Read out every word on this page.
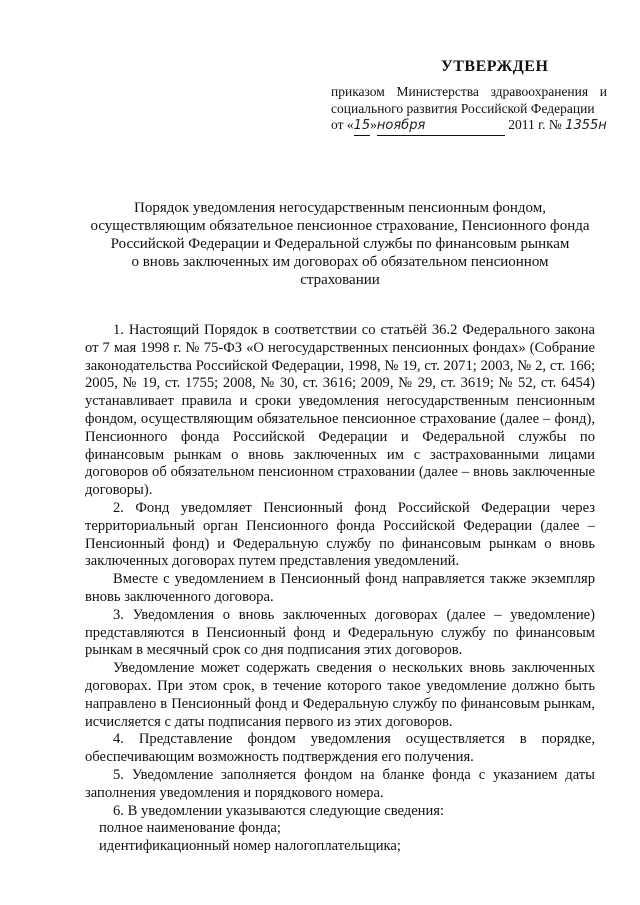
УТВЕРЖДЕН

приказом Министерства здравоохранения и социального развития Российской Федерации

от «15»ноября	2011 г. № 1355н

Порядок уведомления негосударственным пенсионным фондом,

осуществляющим обязательное пенсионное страхование, Пенсионного фонда

Российской Федерации и Федеральной службы по финансовым рынкам

о вновь заключенных им договорах об обязательном пенсионном

страховании

1. Настоящий Порядок в соответствии со статьёй 36.2 Федерального закона от 7 мая 1998 г. № 75-ФЗ «О негосударственных пенсионных фондах» (Собрание законодательства Российской Федерации, 1998, № 19, ст. 2071; 2003, № 2, ст. 166; 2005, № 19, ст. 1755; 2008, № 30, ст. 3616; 2009, № 29, ст. 3619; № 52, ст. 6454) устанавливает правила и сроки уведомления негосударственным пенсионным фондом, осуществляющим обязательное пенсионное страхование (далее – фонд), Пенсионного фонда Российской Федерации и Федеральной службы по финансовым рынкам о вновь заключенных им с застрахованными лицами договоров об обязательном пенсионном страховании (далее – вновь заключенные договоры).

2. Фонд уведомляет Пенсионный фонд Российской Федерации через территориальный орган Пенсионного фонда Российской Федерации (далее – Пенсионный фонд) и Федеральную службу по финансовым рынкам о вновь заключенных договорах путем представления уведомлений.

Вместе с уведомлением в Пенсионный фонд направляется также экземпляр вновь заключенного договора.

3. Уведомления о вновь заключенных договорах (далее – уведомление) представляются в Пенсионный фонд и Федеральную службу по финансовым рынкам в месячный срок со дня подписания этих договоров.

Уведомление может содержать сведения о нескольких вновь заключенных договорах. При этом срок, в течение которого такое уведомление должно быть направлено в Пенсионный фонд и Федеральную службу по финансовым рынкам, исчисляется с даты подписания первого из этих договоров.

4. Представление фондом уведомления осуществляется в порядке, обеспечивающим возможность подтверждения его получения.

5. Уведомление заполняется фондом на бланке фонда с указанием даты заполнения уведомления и порядкового номера.

6. В уведомлении указываются следующие сведения:

полное наименование фонда;

идентификационный номер налогоплательщика;
